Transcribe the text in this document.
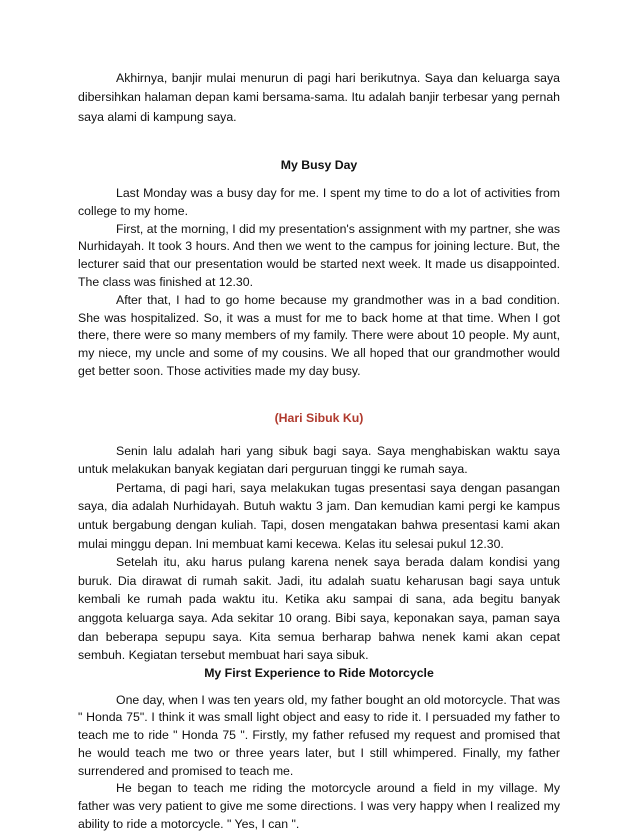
Akhirnya, banjir mulai menurun di pagi hari berikutnya. Saya dan keluarga saya dibersihkan halaman depan kami bersama-sama. Itu adalah banjir terbesar yang pernah saya alami di kampung saya.

My Busy Day

Last Monday was a busy day for me. I spent my time to do a lot of activities from college to my home.

First, at the morning, I did my presentation's assignment with my partner, she was Nurhidayah. It took 3 hours. And then we went to the campus for joining lecture. But, the lecturer said that our presentation would be started next week. It made us disappointed. The class was finished at 12.30.

After that, I had to go home because my grandmother was in a bad condition. She was hospitalized. So, it was a must for me to back home at that time. When I got there, there were so many members of my family. There were about 10 people. My aunt, my niece, my uncle and some of my cousins. We all hoped that our grandmother would get better soon. Those activities made my day busy.

(Hari Sibuk Ku)

Senin lalu adalah hari yang sibuk bagi saya. Saya menghabiskan waktu saya untuk melakukan banyak kegiatan dari perguruan tinggi ke rumah saya.

Pertama, di pagi hari, saya melakukan tugas presentasi saya dengan pasangan saya, dia adalah Nurhidayah. Butuh waktu 3 jam. Dan kemudian kami pergi ke kampus untuk bergabung dengan kuliah. Tapi, dosen mengatakan bahwa presentasi kami akan mulai minggu depan. Ini membuat kami kecewa. Kelas itu selesai pukul 12.30.

Setelah itu, aku harus pulang karena nenek saya berada dalam kondisi yang buruk. Dia dirawat di rumah sakit. Jadi, itu adalah suatu keharusan bagi saya untuk kembali ke rumah pada waktu itu. Ketika aku sampai di sana, ada begitu banyak anggota keluarga saya. Ada sekitar 10 orang. Bibi saya, keponakan saya, paman saya dan beberapa sepupu saya. Kita semua berharap bahwa nenek kami akan cepat sembuh. Kegiatan tersebut membuat hari saya sibuk.

My First Experience to Ride Motorcycle

One day, when I was ten years old, my father bought an old motorcycle. That was " Honda 75". I think it was small light object and easy to ride it. I persuaded my father to teach me to ride " Honda 75 ". Firstly, my father refused my request and promised that he would teach me two or three years later, but I still whimpered. Finally, my father surrendered and promised to teach me.

He began to teach me riding the motorcycle around a field in my village. My father was very patient to give me some directions. I was very happy when I realized my ability to ride a motorcycle. " Yes, I can ".
